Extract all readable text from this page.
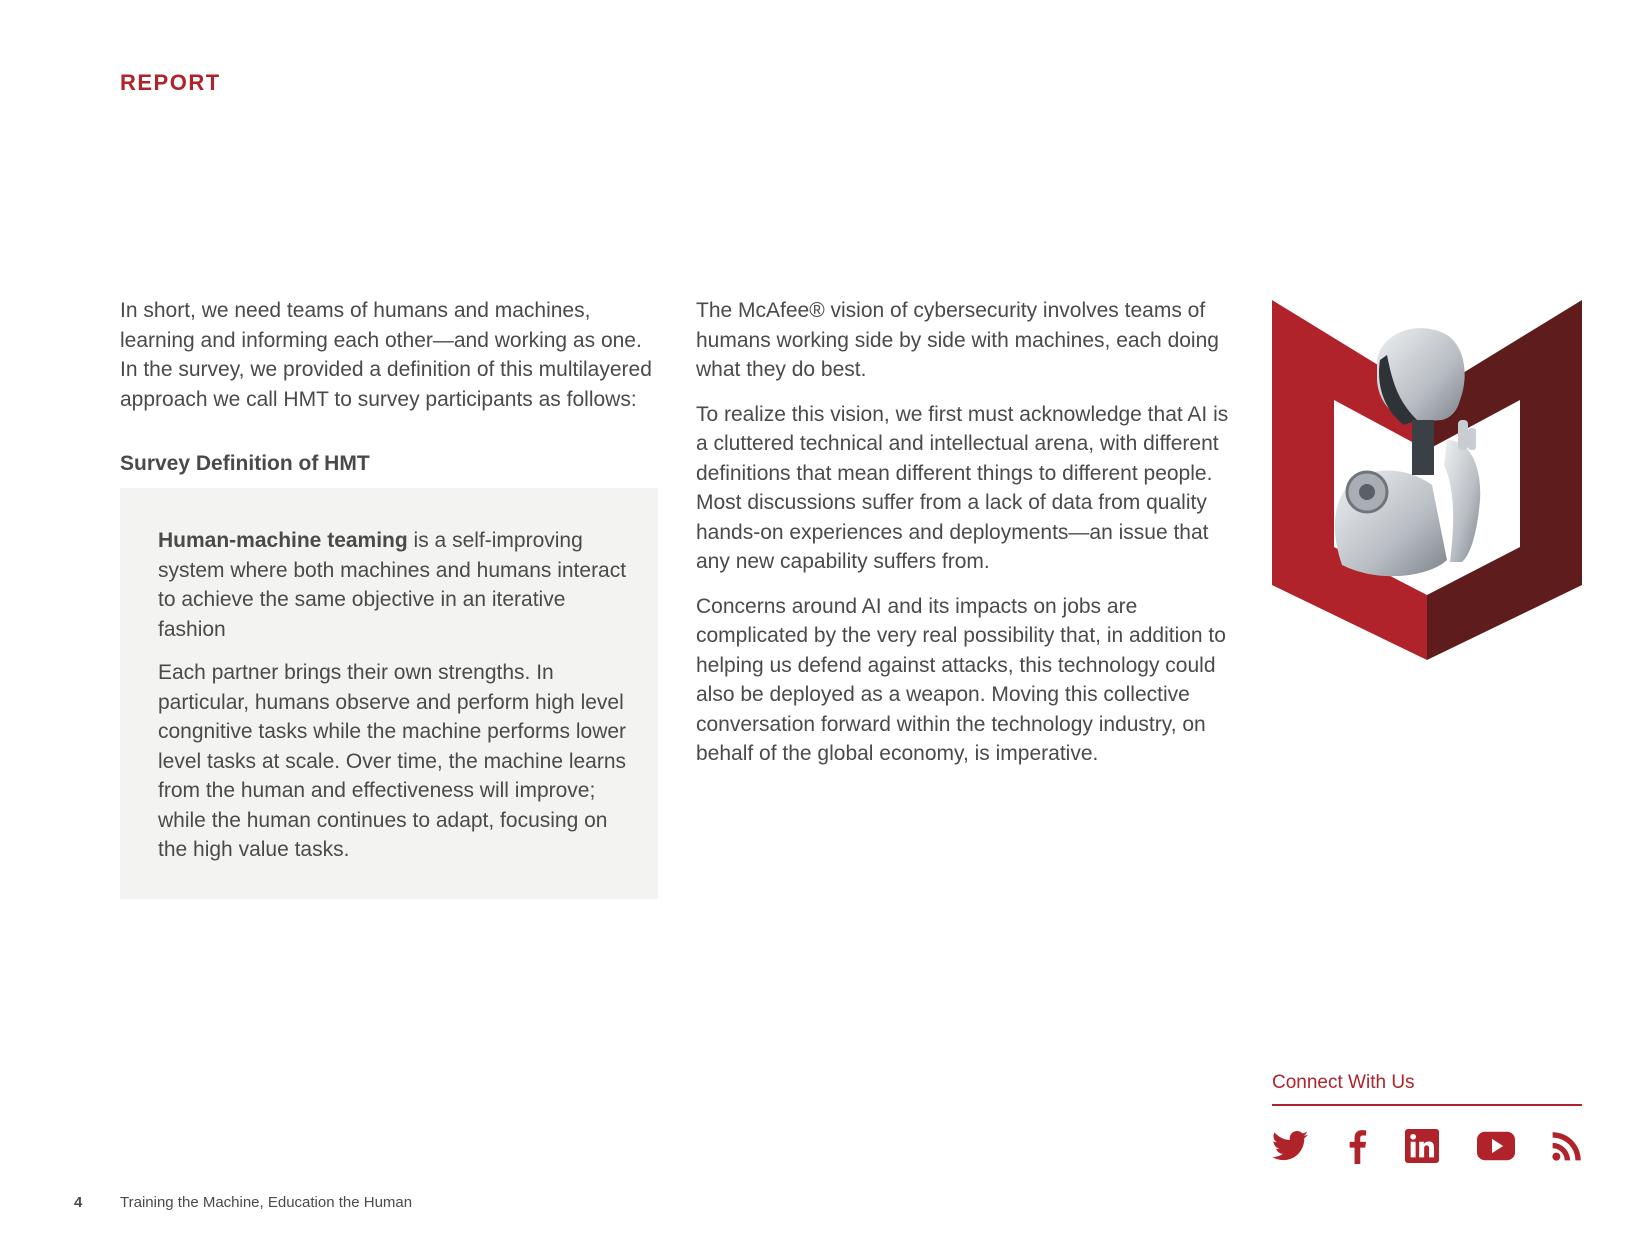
REPORT

In short, we need teams of humans and machines, learning and informing each other—and working as one. In the survey, we provided a definition of this multilayered approach we call HMT to survey participants as follows:

Survey Definition of HMT

Human-machine teaming is a self-improving system where both machines and humans interact to achieve the same objective in an iterative fashion

Each partner brings their own strengths. In particular, humans observe and perform high level congnitive tasks while the machine performs lower level tasks at scale. Over time, the machine learns from the human and effectiveness will improve; while the human continues to adapt, focusing on the high value tasks.

The McAfee® vision of cybersecurity involves teams of humans working side by side with machines, each doing what they do best.

To realize this vision, we first must acknowledge that AI is a cluttered technical and intellectual arena, with different definitions that mean different things to different people. Most discussions suffer from a lack of data from quality hands-on experiences and deployments—an issue that any new capability suffers from.

Concerns around AI and its impacts on jobs are complicated by the very real possibility that, in addition to helping us defend against attacks, this technology could also be deployed as a weapon. Moving this collective conversation forward within the technology industry, on behalf of the global economy, is imperative.

Connect With Us
4	Training the Machine, Education the Human
